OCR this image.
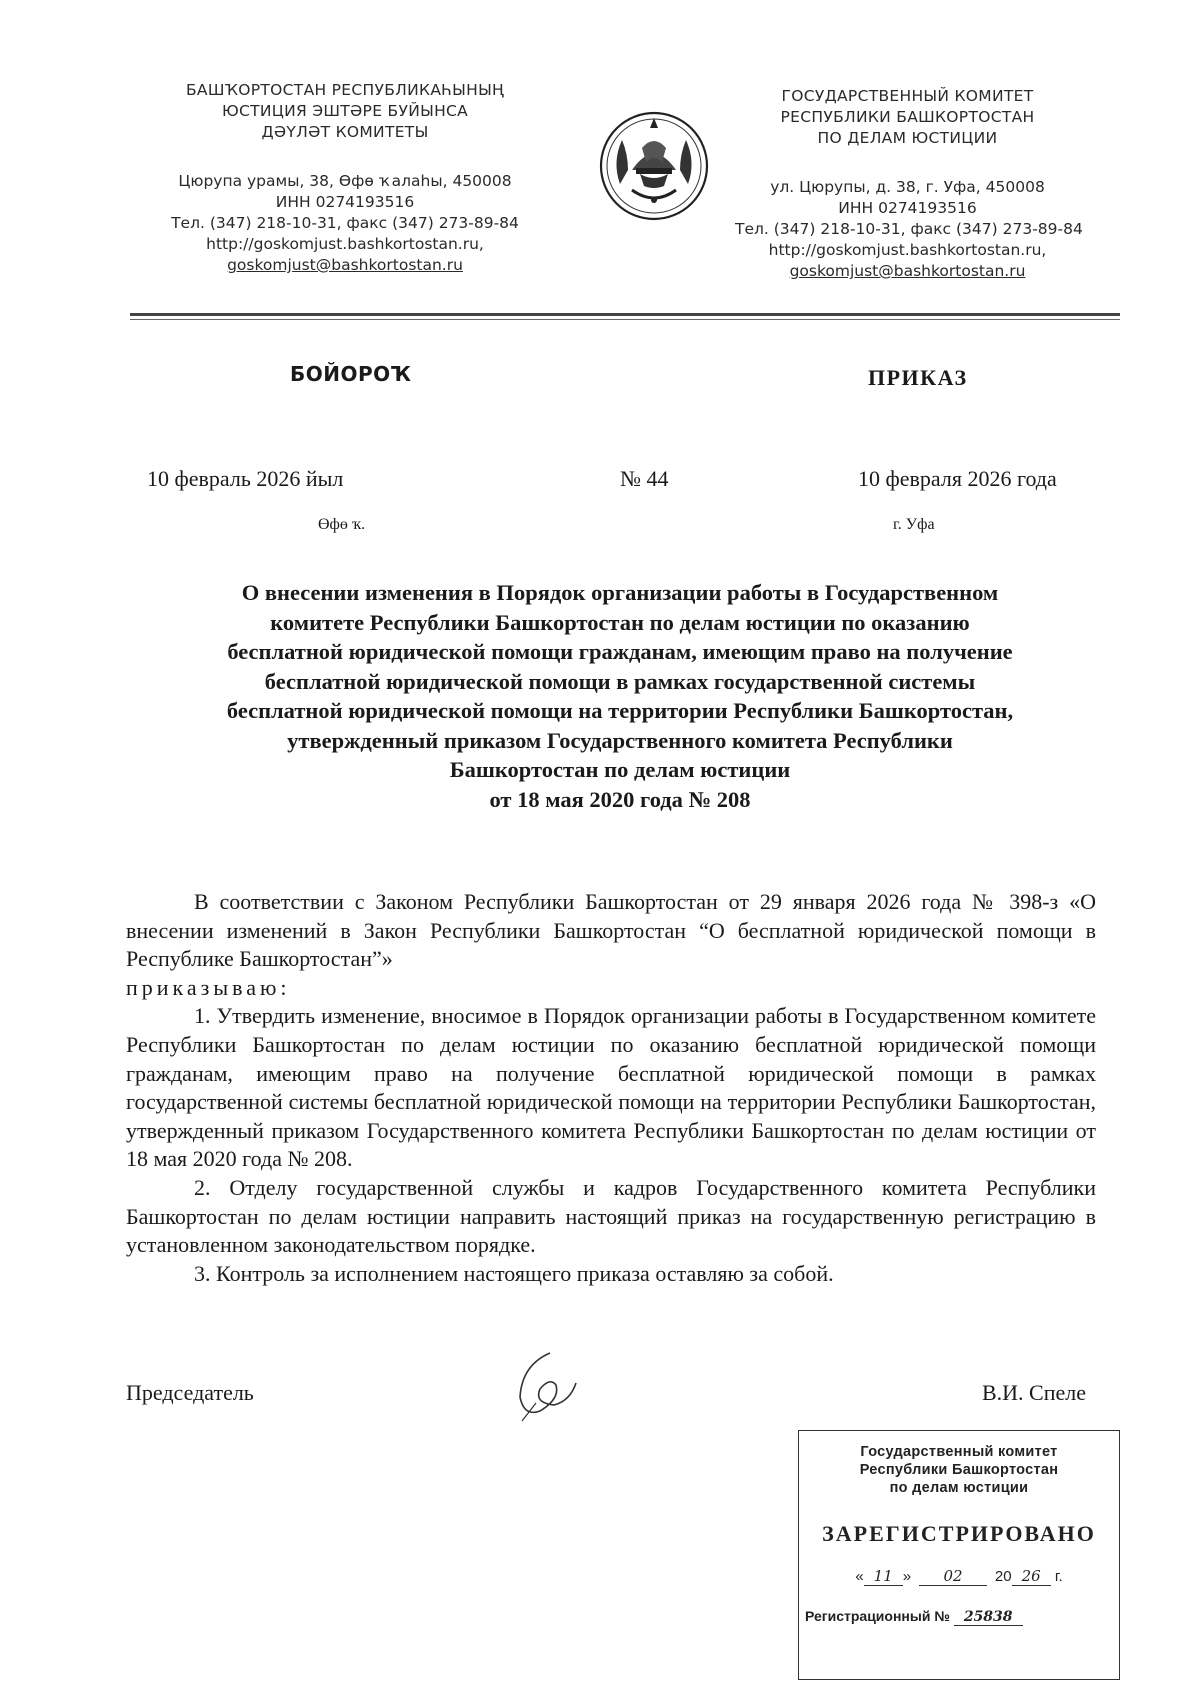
БАШҠОРТОСТАН РЕСПУБЛИКАҺЫНЫҢ
ЮСТИЦИЯ ЭШТӘРЕ БУЙЫНСА
ДӘҮЛӘТ КОМИТЕТЫ
Цюрупа урамы, 38, Өфө ҡалаһы, 450008
ИНН 0274193516
Тел. (347) 218-10-31, факс (347) 273-89-84
http://goskomjust.bashkortostan.ru,
goskomjust@bashkortostan.ru
ГОСУДАРСТВЕННЫЙ КОМИТЕТ
РЕСПУБЛИКИ БАШКОРТОСТАН
ПО ДЕЛАМ ЮСТИЦИИ
ул. Цюрупы, д. 38, г. Уфа, 450008
ИНН 0274193516
Тел. (347) 218-10-31, факс (347) 273-89-84
http://goskomjust.bashkortostan.ru,
goskomjust@bashkortostan.ru
БОЙОРОҠ	ПРИКАЗ
10 февраль 2026 йыл	№ 44	10 февраля 2026 года
Өфө ҡ.	г. Уфа
О внесении изменения в Порядок организации работы в Государственном
комитете Республики Башкортостан по делам юстиции по оказанию
бесплатной юридической помощи гражданам, имеющим право на получение
бесплатной юридической помощи в рамках государственной системы
бесплатной юридической помощи на территории Республики Башкортостан,
утвержденный приказом Государственного комитета Республики
Башкортостан по делам юстиции
от 18 мая 2020 года № 208

В соответствии с Законом Республики Башкортостан от 29 января 2026 года № 398-з «О внесении изменений в Закон Республики Башкортостан “О бесплатной юридической помощи в Республике Башкортостан”»

приказываю:

1. Утвердить изменение, вносимое в Порядок организации работы в Государственном комитете Республики Башкортостан по делам юстиции по оказанию бесплатной юридической помощи гражданам, имеющим право на получение бесплатной юридической помощи в рамках государственной системы бесплатной юридической помощи на территории Республики Башкортостан, утвержденный приказом Государственного комитета Республики Башкортостан по делам юстиции от 18 мая 2020 года № 208.

2. Отделу государственной службы и кадров Государственного комитета Республики Башкортостан по делам юстиции направить настоящий приказ на государственную регистрацию в установленном законодательством порядке.

3. Контроль за исполнением настоящего приказа оставляю за собой.

Председатель	В.И. Спеле
Государственный комитет
Республики Башкортостан
по делам юстиции
ЗАРЕГИСТРИРОВАНО
« 11 » 02 20 26 г.
Регистрационный № 25838
